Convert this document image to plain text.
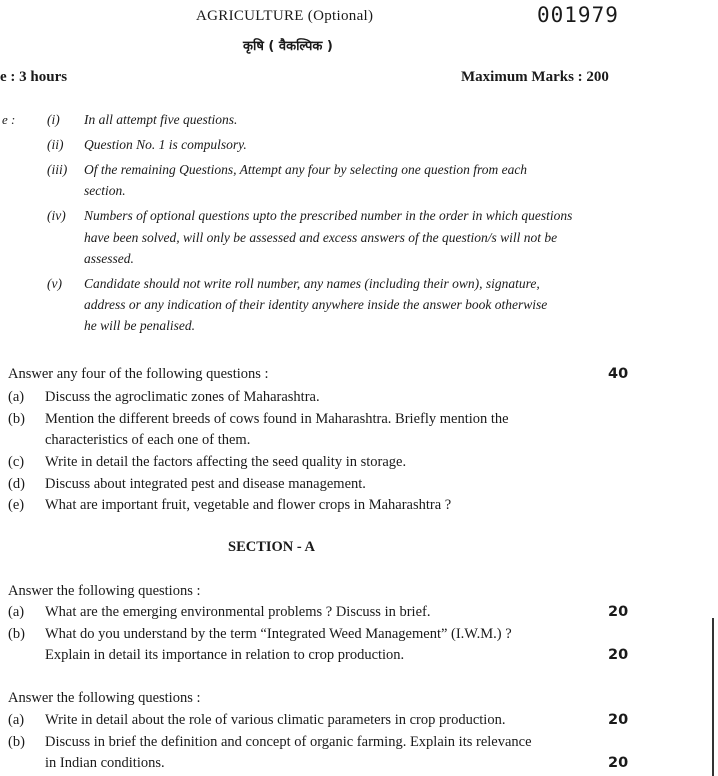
AGRICULTURE (Optional)	001979
कृषि ( वैकल्पिक )
e : 3 hours	Maximum Marks : 200
e : (i) In all attempt five questions.
(ii) Question No. 1 is compulsory.
(iii) Of the remaining Questions, Attempt any four by selecting one question from each
section.
(iv) Numbers of optional questions upto the prescribed number in the order in which questions
have been solved, will only be assessed and excess answers of the question/s will not be
assessed.
(v) Candidate should not write roll number, any names (including their own), signature,
address or any indication of their identity anywhere inside the answer book otherwise
he will be penalised.
Answer any four of the following questions :	40
(a) Discuss the agroclimatic zones of Maharashtra.
(b) Mention the different breeds of cows found in Maharashtra. Briefly mention the
characteristics of each one of them.
(c) Write in detail the factors affecting the seed quality in storage.
(d) Discuss about integrated pest and disease management.
(e) What are important fruit, vegetable and flower crops in Maharashtra ?
SECTION - A
Answer the following questions :
(a) What are the emerging environmental problems ? Discuss in brief.	20
(b) What do you understand by the term “Integrated Weed Management” (I.W.M.) ?
Explain in detail its importance in relation to crop production.	20
Answer the following questions :
(a) Write in detail about the role of various climatic parameters in crop production.	20
(b) Discuss in brief the definition and concept of organic farming. Explain its relevance
in Indian conditions.	20
